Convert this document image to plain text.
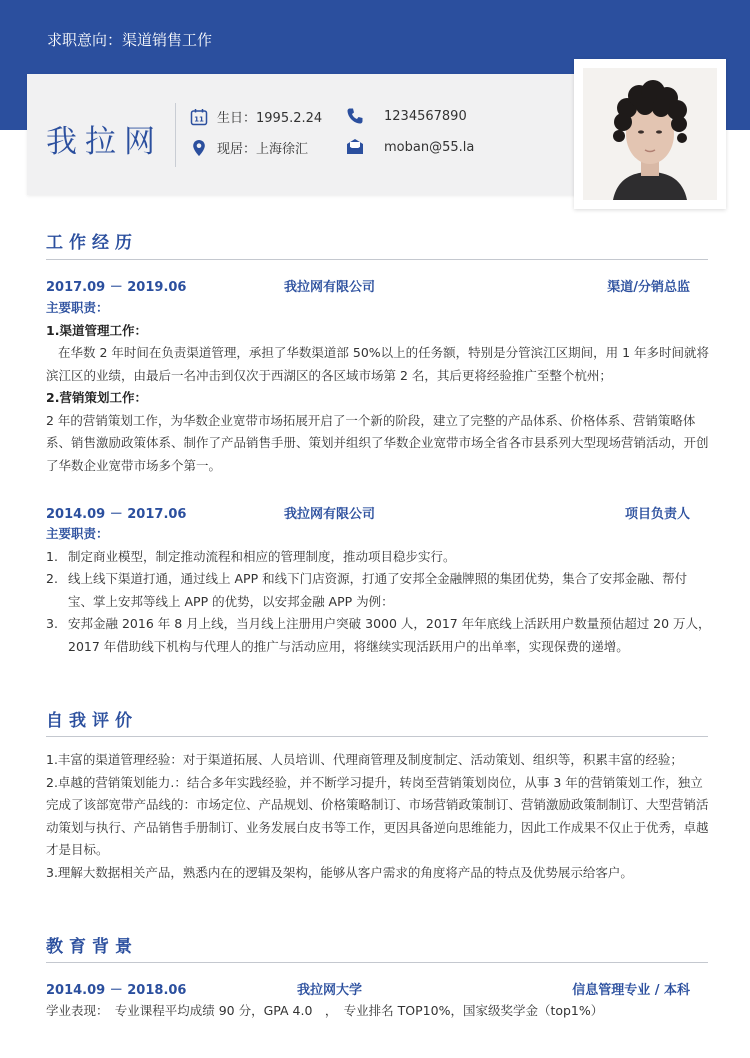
求职意向：渠道销售工作
我拉网
11 生日：1995.2.24	1234567890
现居：上海徐汇	moban@55.la
工作经历
2017.09 － 2019.06	我拉网有限公司	渠道/分销总监
主要职责：
1.渠道管理工作：
在华数 2 年时间在负责渠道管理，承担了华数渠道部 50%以上的任务额，特别是分管滨江区期间，用 1 年多时间就将滨江区的业绩，由最后一名冲击到仅次于西湖区的各区域市场第 2 名，其后更将经验推广至整个杭州；
2.营销策划工作：
2 年的营销策划工作，为华数企业宽带市场拓展开启了一个新的阶段，建立了完整的产品体系、价格体系、营销策略体系、销售激励政策体系、制作了产品销售手册、策划并组织了华数企业宽带市场全省各市县系列大型现场营销活动，开创了华数企业宽带市场多个第一。
2014.09 － 2017.06	我拉网有限公司	项目负责人
主要职责：
1. 制定商业模型，制定推动流程和相应的管理制度，推动项目稳步实行。
2. 线上线下渠道打通，通过线上 APP 和线下门店资源，打通了安邦全金融牌照的集团优势，集合了安邦金融、帮付宝、掌上安邦等线上 APP 的优势，以安邦金融 APP 为例：
3. 安邦金融 2016 年 8 月上线，当月线上注册用户突破 3000 人，2017 年年底线上活跃用户数量预估超过 20 万人，2017 年借助线下机构与代理人的推广与活动应用，将继续实现活跃用户的出单率，实现保费的递增。
自我评价
1.丰富的渠道管理经验：对于渠道拓展、人员培训、代理商管理及制度制定、活动策划、组织等，积累丰富的经验；
2.卓越的营销策划能力.：结合多年实践经验，并不断学习提升，转岗至营销策划岗位，从事 3 年的营销策划工作，独立完成了该部宽带产品线的：市场定位、产品规划、价格策略制订、市场营销政策制订、营销激励政策制制订、大型营销活动策划与执行、产品销售手册制订、业务发展白皮书等工作，更因具备逆向思维能力，因此工作成果不仅止于优秀，卓越才是目标。
3.理解大数据相关产品，熟悉内在的逻辑及架构，能够从客户需求的角度将产品的特点及优势展示给客户。
教育背景
2014.09 － 2018.06	我拉网大学	信息管理专业 / 本科
学业表现：　专业课程平均成绩 90 分，GPA 4.0　，　专业排名 TOP10%，国家级奖学金（top1%）
